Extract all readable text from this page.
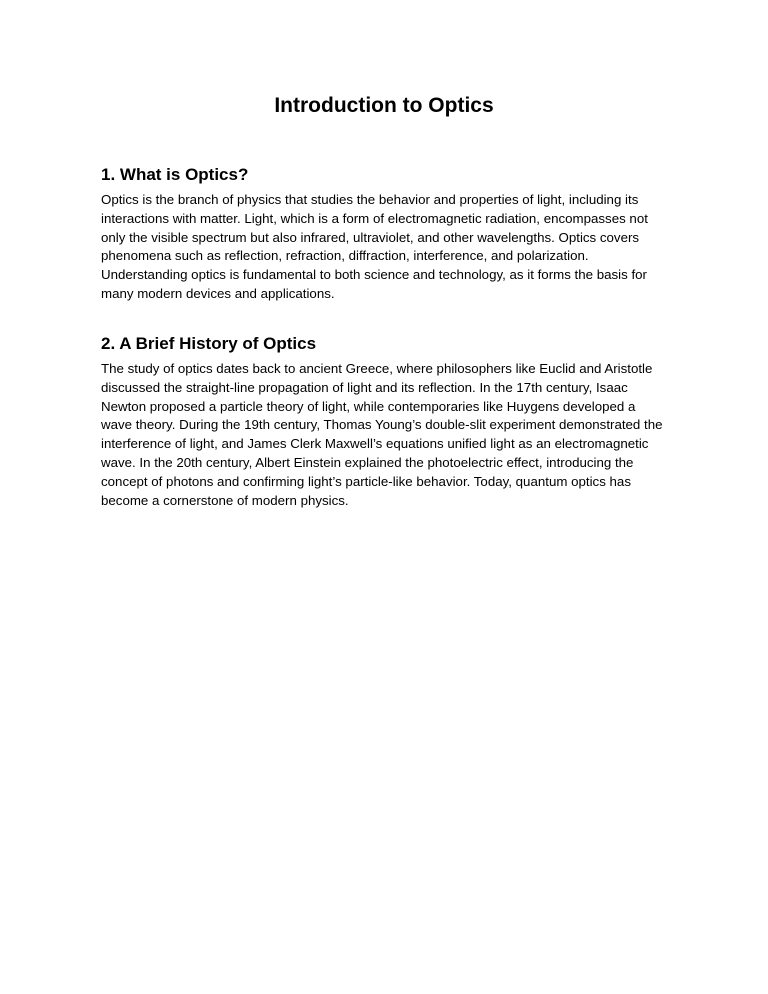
Introduction to Optics
1. What is Optics?

Optics is the branch of physics that studies the behavior and properties of light, including its interactions with matter. Light, which is a form of electromagnetic radiation, encompasses not only the visible spectrum but also infrared, ultraviolet, and other wavelengths. Optics covers phenomena such as reflection, refraction, diffraction, interference, and polarization. Understanding optics is fundamental to both science and technology, as it forms the basis for many modern devices and applications.

2. A Brief History of Optics

The study of optics dates back to ancient Greece, where philosophers like Euclid and Aristotle discussed the straight-line propagation of light and its reflection. In the 17th century, Isaac Newton proposed a particle theory of light, while contemporaries like Huygens developed a wave theory. During the 19th century, Thomas Young’s double-slit experiment demonstrated the interference of light, and James Clerk Maxwell’s equations unified light as an electromagnetic wave. In the 20th century, Albert Einstein explained the photoelectric effect, introducing the concept of photons and confirming light’s particle-like behavior. Today, quantum optics has become a cornerstone of modern physics.
